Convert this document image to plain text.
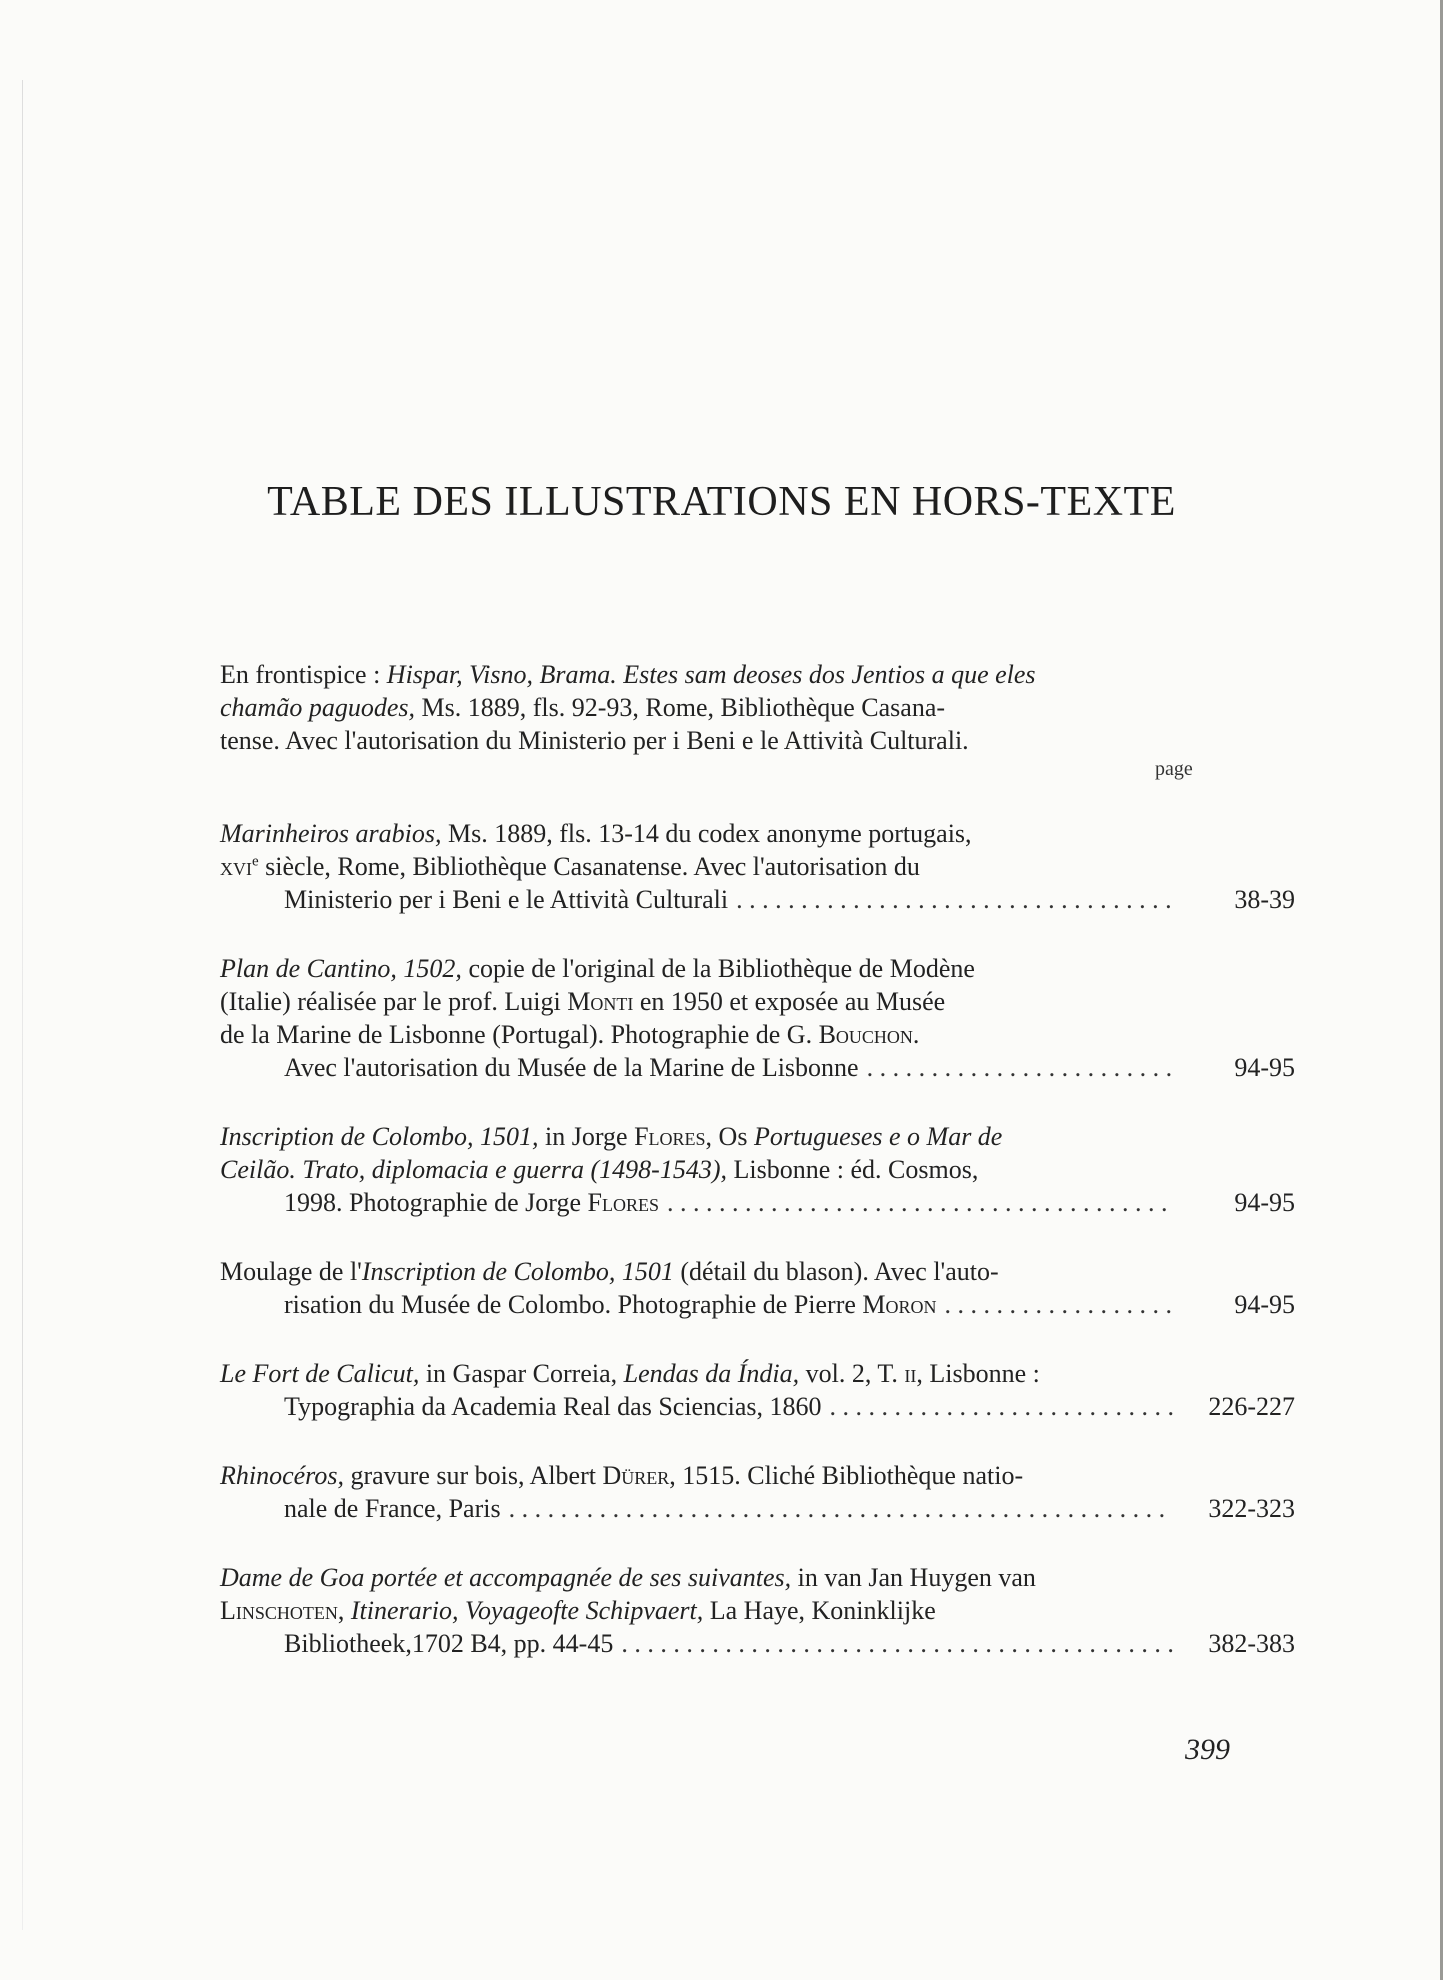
TABLE DES ILLUSTRATIONS EN HORS-TEXTE
page
En frontispice : Hispar, Visno, Brama. Estes sam deoses dos Jentios a que eles
chamão paguodes, Ms. 1889, fls. 92-93, Rome, Bibliothèque Casana-
tense. Avec l'autorisation du Ministerio per i Beni e le Attività Culturali.
Marinheiros arabios, Ms. 1889, fls. 13-14 du codex anonyme portugais,
xvi$^e$ siècle, Rome, Bibliothèque Casanatense. Avec l'autorisation du
Ministerio per i Beni e le Attività Culturali . . .	38-39
Plan de Cantino, 1502, copie de l'original de la Bibliothèque de Modène
(Italie) réalisée par le prof. Luigi Monti en 1950 et exposée au Musée
de la Marine de Lisbonne (Portugal). Photographie de G. Bouchon.
Avec l'autorisation du Musée de la Marine de Lisbonne . . .	94-95
Inscription de Colombo, 1501, in Jorge Flores, Os Portugueses e o Mar de
Ceilão. Trato, diplomacia e guerra (1498-1543), Lisbonne : éd. Cosmos,
1998. Photographie de Jorge Flores . . .	94-95
Moulage de l'Inscription de Colombo, 1501 (détail du blason). Avec l'auto-
risation du Musée de Colombo. Photographie de Pierre Moron . . .	94-95
Le Fort de Calicut, in Gaspar Correia, Lendas da Índia, vol. 2, T. ii, Lisbonne :
Typographia da Academia Real das Sciencias, 1860 . . .	226-227
Rhinocéros, gravure sur bois, Albert Dürer, 1515. Cliché Bibliothèque natio-
nale de France, Paris . . .	322-323
Dame de Goa portée et accompagnée de ses suivantes, in van Jan Huygen van
Linschoten, Itinerario, Voyageofte Schipvaert, La Haye, Koninklijke
Bibliotheek,1702 B4, pp. 44-45 . . .	382-383
399
